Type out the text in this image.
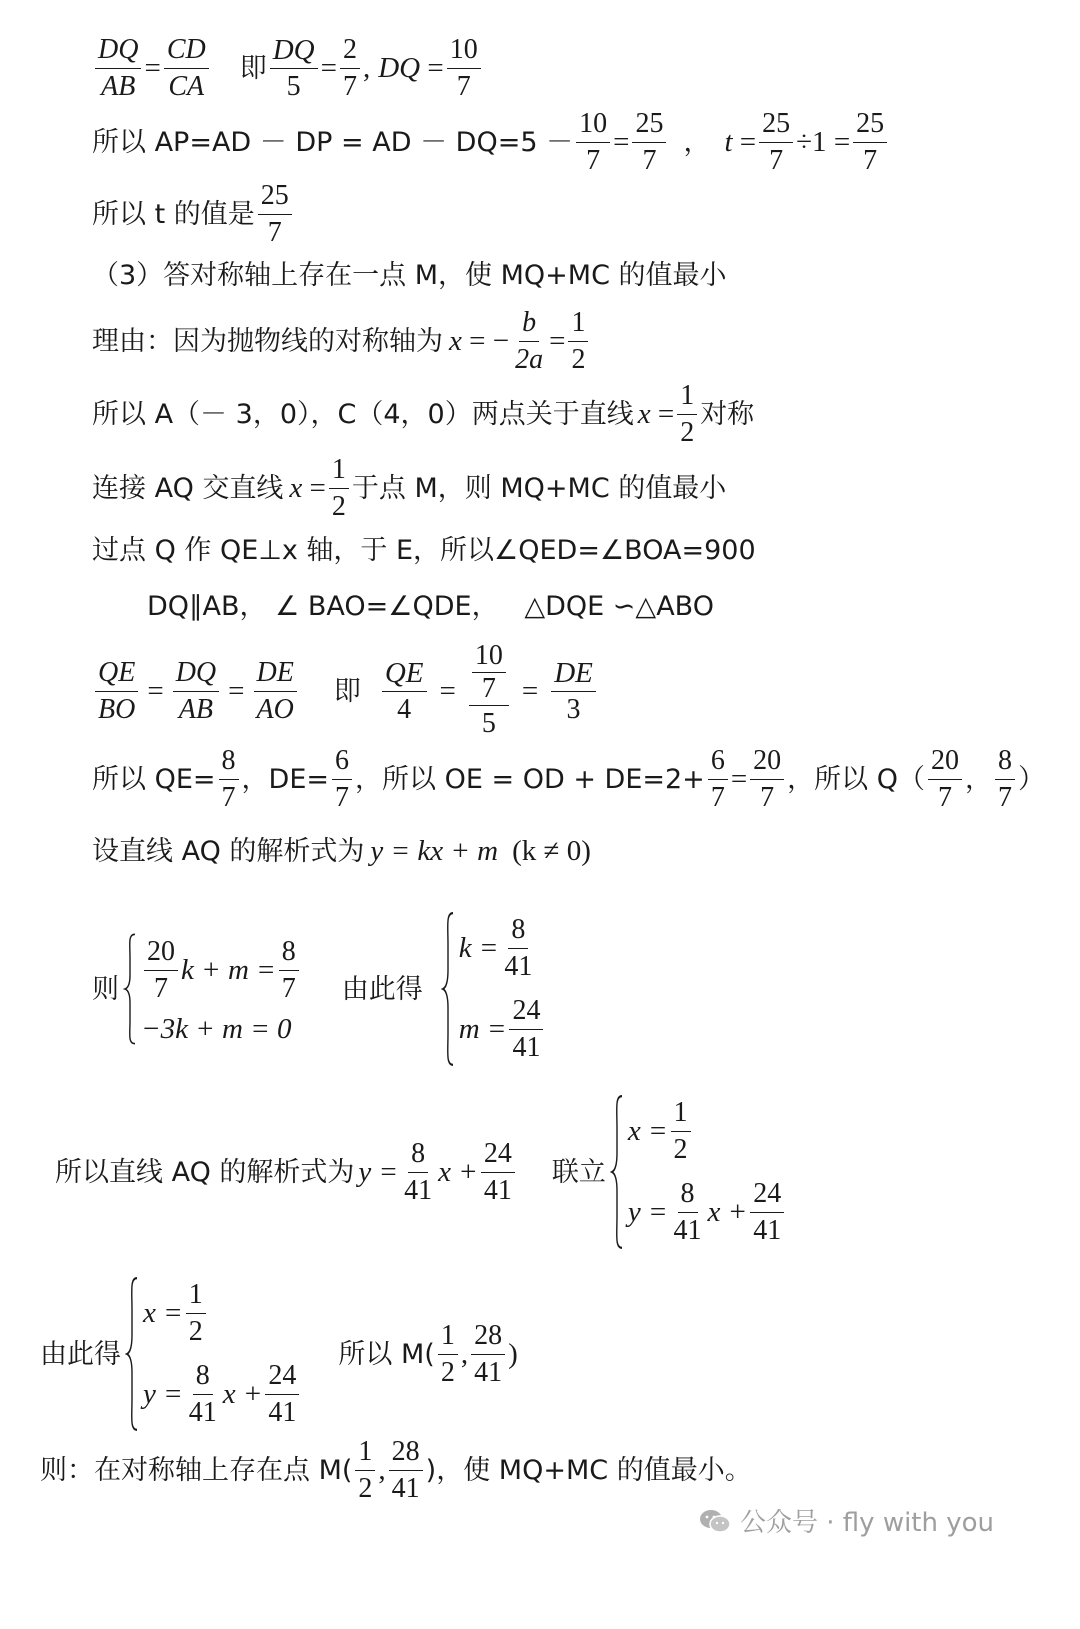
$\frac{DQ}{AB} = \frac{CD}{CA}$ 即 $\frac{DQ}{5} = \frac{2}{7}$ , DQ = $\frac{10}{7}$
所以 AP=AD － DP = AD － $DQ=5 - \frac{10}{7} = \frac{25}{7}$ ， $t = \frac{25}{7} \div 1 = \frac{25}{7}$
所以 t 的值是
25
7
（3）答对称轴上存在一点 M，使 MQ+MC 的值最小
理由：因为抛物线的对称轴为 x = − $\frac{b}{2a} = \frac{1}{2}$
所以 A（－ 3，0），C（4，0）两点关于直线 $x = \frac{1}{2}$ 对称
连接 AQ 交直线 $x = \frac{1}{2}$ 于点 M，则 MQ+MC 的值最小
过点 Q 作 QE⊥x 轴，于 E，所以∠QED=∠BOA=900
DQ∥AB， ∠ BAO=∠QDE，   △DQE ∽△ABO
$\frac{QE}{BO} = \frac{DQ}{AB} = \frac{DE}{AO}$ 即 $\frac{QE}{4} = \frac{\frac{10}{7}}{5} = \frac{DE}{3}$
所以 $QE= \frac{8}{7}$ ，$DE= \frac{6}{7}$ ，所以 OE = OD + $DE=2+ \frac{6}{7} = \frac{20}{7}$ ，所以 Q（
20
7
，
8
7
）
设直线 AQ 的解析式为 y = kx + m (k ≠ 0)
则
20
7
$k + m = \frac{8}{7}$
−3k + m = 0
由此得
$k = \frac{8}{41}$
$m = \frac{24}{41}$
所以直线 AQ 的解析式为 $y = \frac{8}{41}$ $x + \frac{24}{41}$ 联立
$x = \frac{1}{2}$
$y = \frac{8}{41}$ $x + \frac{24}{41}$
由此得
$x = \frac{1}{2}$
$y = \frac{8}{41}$ $x + \frac{24}{41}$
所以 M(
1
2
,
28
41
)
则：在对称轴上存在点 M(
1
2
,
28
41
)，使 MQ+MC 的值最小。
公众号 · fly with you
